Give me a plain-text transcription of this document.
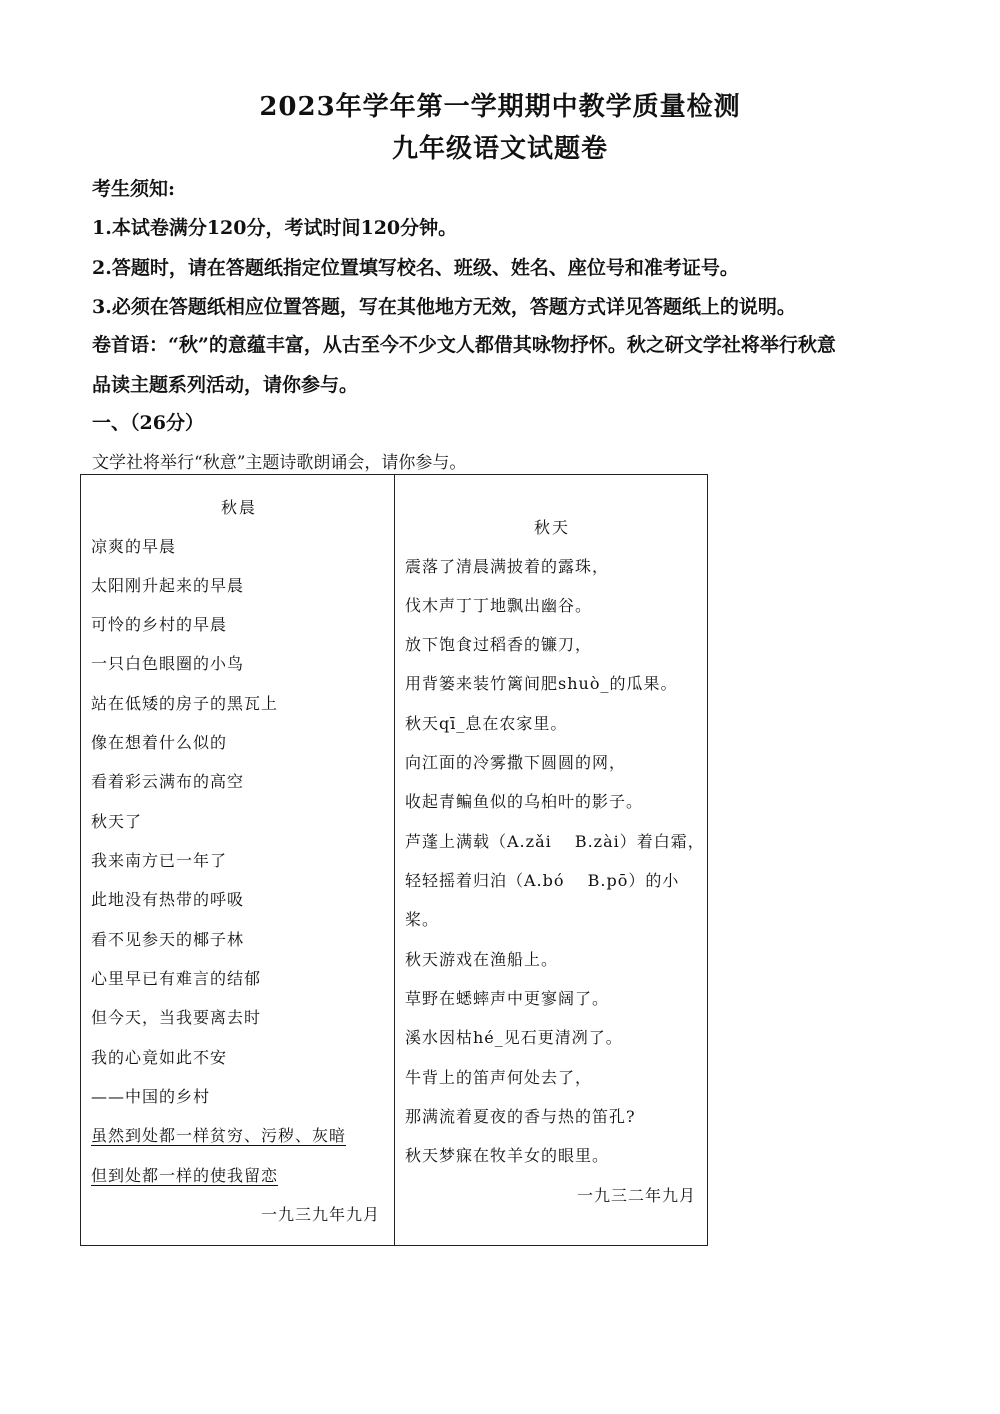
2023年学年第一学期期中教学质量检测
九年级语文试题卷
考生须知:
1.本试卷满分120分，考试时间120分钟。
2.答题时，请在答题纸指定位置填写校名、班级、姓名、座位号和准考证号。
3.必须在答题纸相应位置答题，写在其他地方无效，答题方式详见答题纸上的说明。
卷首语：“秋”的意蕴丰富，从古至今不少文人都借其咏物抒怀。秋之研文学社将举行秋意
品读主题系列活动，请你参与。
一、（26分）
文学社将举行“秋意”主题诗歌朗诵会，请你参与。
秋晨
凉爽的早晨
太阳刚升起来的早晨
可怜的乡村的早晨
一只白色眼圈的小鸟
站在低矮的房子的黑瓦上
像在想着什么似的
看着彩云满布的高空
秋天了
我来南方已一年了
此地没有热带的呼吸
看不见参天的椰子林
心里早已有难言的结郁
但今天，当我要离去时
我的心竟如此不安
——中国的乡村
虽然到处都一样贫穷、污秽、灰暗
但到处都一样的使我留恋
一九三九年九月
秋天
震落了清晨满披着的露珠，
伐木声丁丁地飘出幽谷。
放下饱食过稻香的镰刀，
用背篓来装竹篱间肥shuò_的瓜果。
秋天qī_息在农家里。
向江面的冷雾撒下圆圆的网，
收起青鳊鱼似的乌桕叶的影子。
芦蓬上满载（A.zǎi　 B.zài）着白霜，
轻轻摇着归泊（A.bó　 B.pō）的小
桨。
秋天游戏在渔船上。
草野在蟋蟀声中更寥阔了。
溪水因枯hé_见石更清冽了。
牛背上的笛声何处去了，
那满流着夏夜的香与热的笛孔?
秋天梦寐在牧羊女的眼里。
一九三二年九月
